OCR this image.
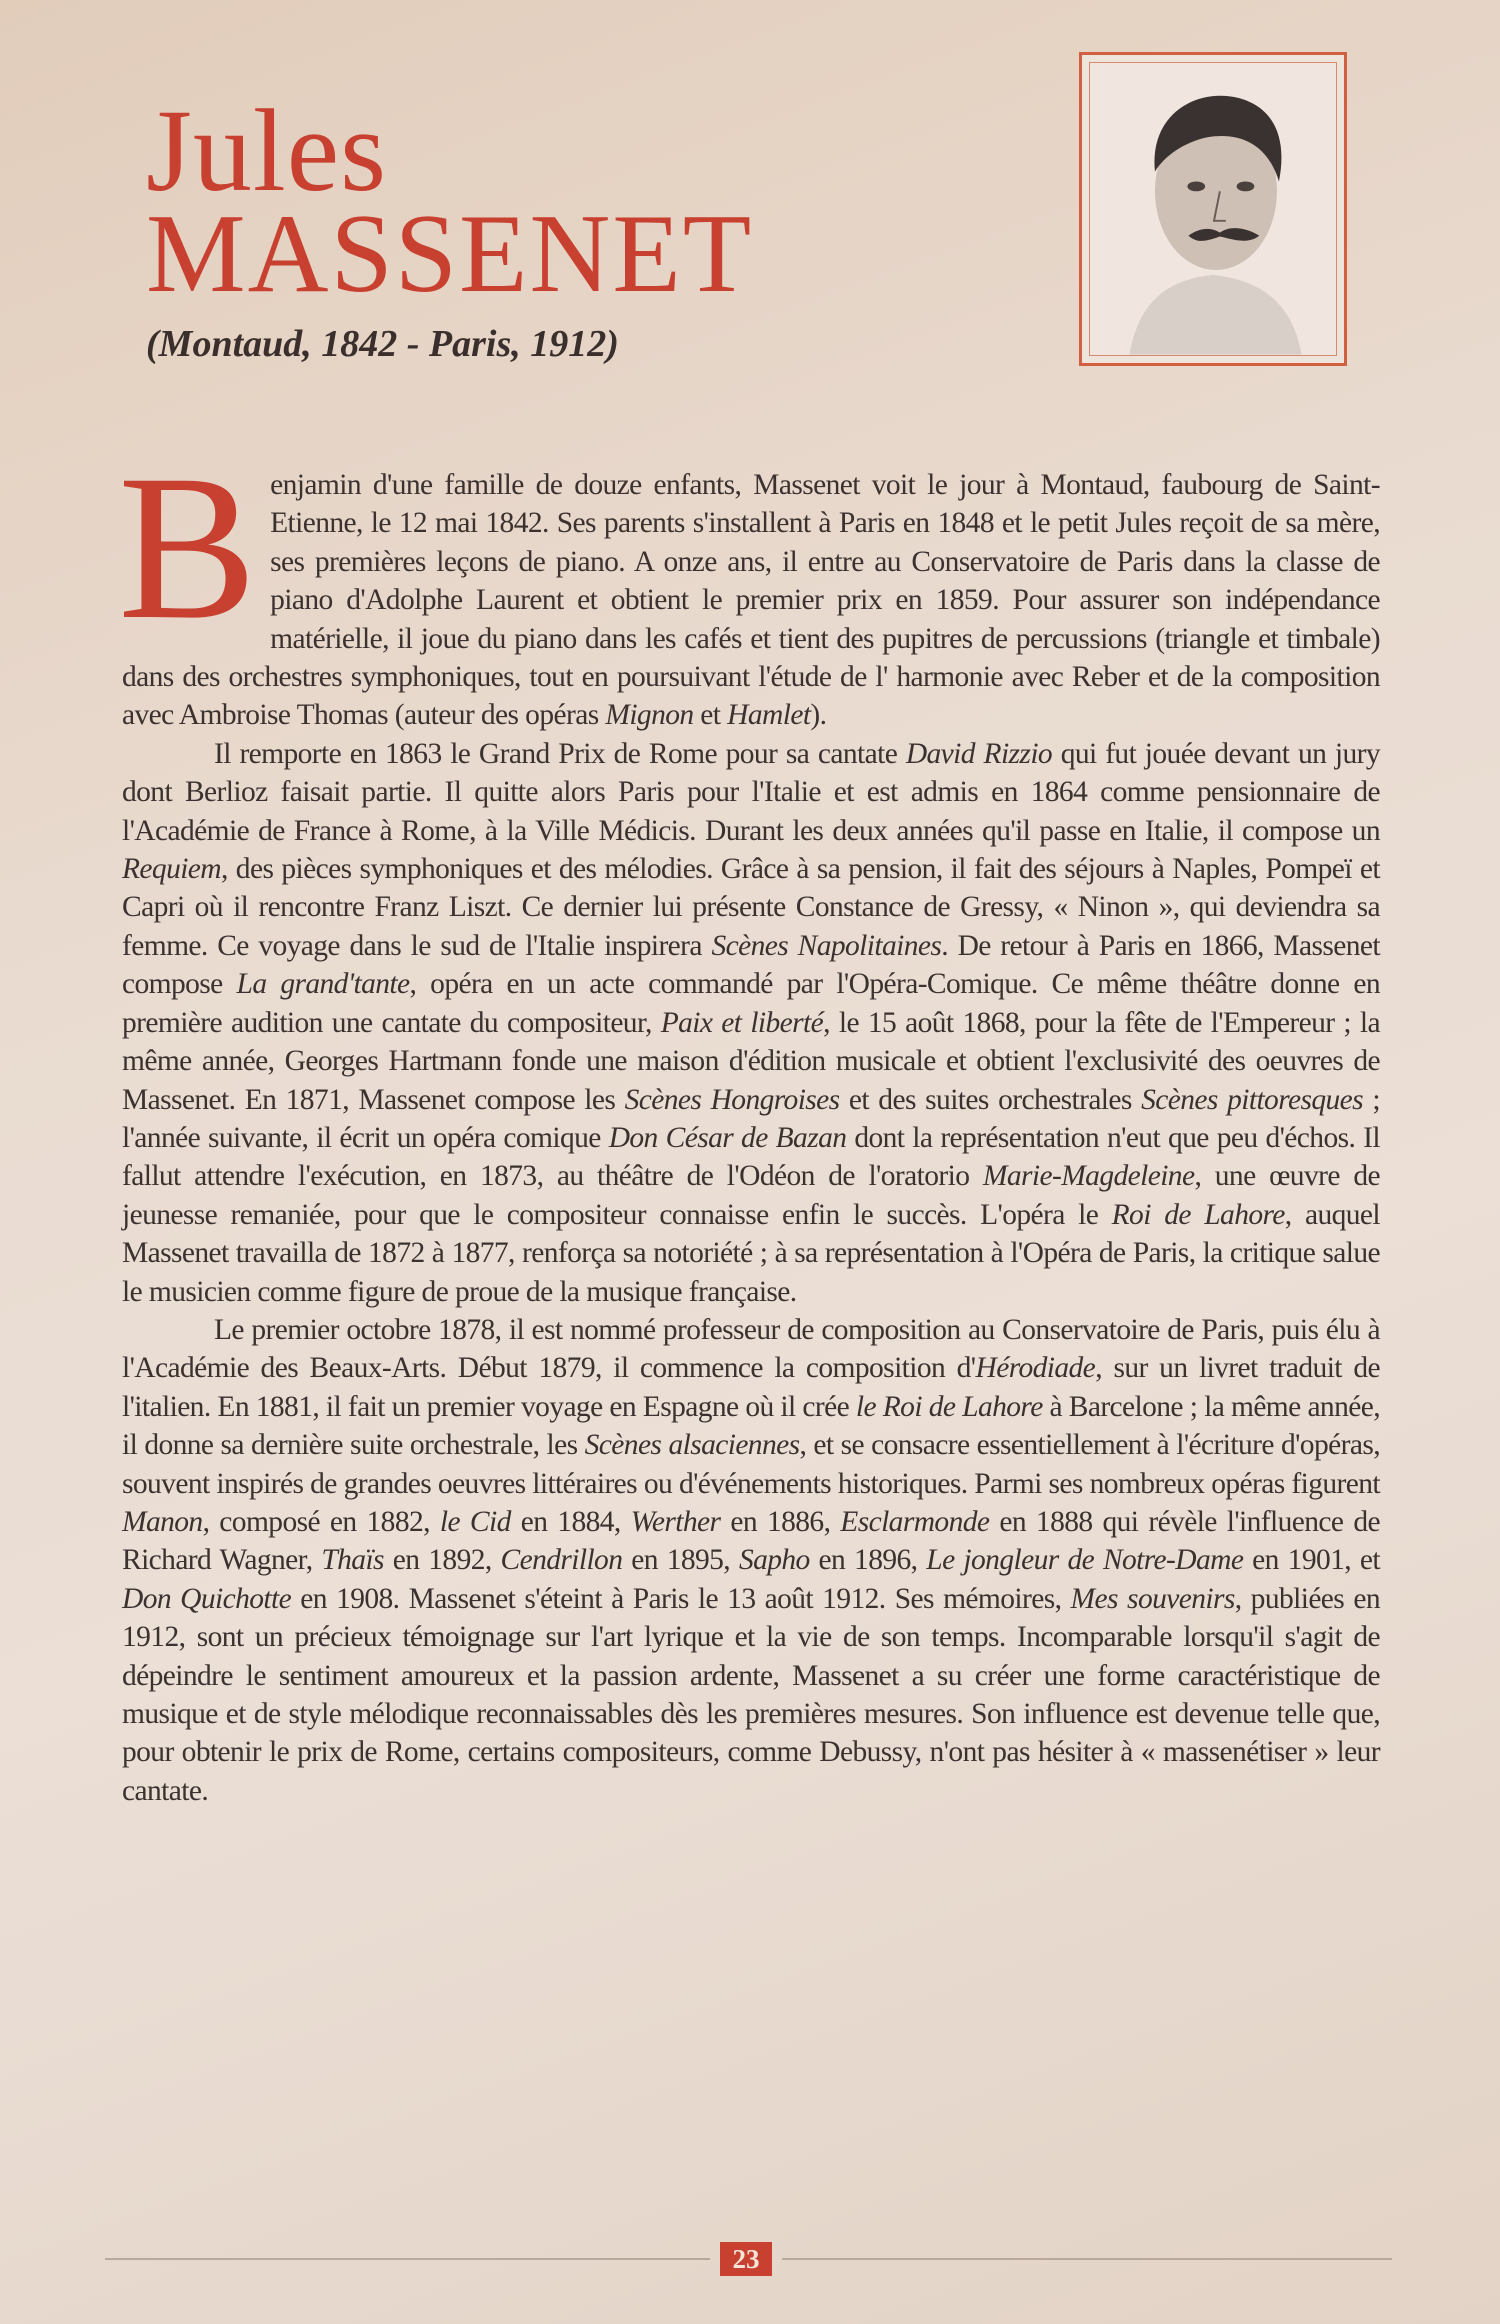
Jules
MASSENET
(Montaud, 1842 - Paris, 1912)

Benjamin d'une famille de douze enfants, Massenet voit le jour à Montaud, faubourg de Saint-Etienne, le 12 mai 1842. Ses parents s'installent à Paris en 1848 et le petit Jules reçoit de sa mère, ses premières leçons de piano. A onze ans, il entre au Conservatoire de Paris dans la classe de piano d'Adolphe Laurent et obtient le premier prix en 1859. Pour assurer son indépendance matérielle, il joue du piano dans les cafés et tient des pupitres de percussions (triangle et timbale) dans des orchestres symphoniques, tout en poursuivant l'étude de l' harmonie avec Reber et de la composition avec Ambroise Thomas (auteur des opéras Mignon et Hamlet).

Il remporte en 1863 le Grand Prix de Rome pour sa cantate David Rizzio qui fut jouée devant un jury dont Berlioz faisait partie. Il quitte alors Paris pour l'Italie et est admis en 1864 comme pensionnaire de l'Académie de France à Rome, à la Ville Médicis. Durant les deux années qu'il passe en Italie, il compose un Requiem, des pièces symphoniques et des mélodies. Grâce à sa pension, il fait des séjours à Naples, Pompeï et Capri où il rencontre Franz Liszt. Ce dernier lui présente Constance de Gressy, « Ninon », qui deviendra sa femme. Ce voyage dans le sud de l'Italie inspirera Scènes Napolitaines. De retour à Paris en 1866, Massenet compose La grand'tante, opéra en un acte commandé par l'Opéra-Comique. Ce même théâtre donne en première audition une cantate du compositeur, Paix et liberté, le 15 août 1868, pour la fête de l'Empereur ; la même année, Georges Hartmann fonde une maison d'édition musicale et obtient l'exclusivité des oeuvres de Massenet. En 1871, Massenet compose les Scènes Hongroises et des suites orchestrales Scènes pittoresques ; l'année suivante, il écrit un opéra comique Don César de Bazan dont la représentation n'eut que peu d'échos. Il fallut attendre l'exécution, en 1873, au théâtre de l'Odéon de l'oratorio Marie-Magdeleine, une œuvre de jeunesse remaniée, pour que le compositeur connaisse enfin le succès. L'opéra le Roi de Lahore, auquel Massenet travailla de 1872 à 1877, renforça sa notoriété ; à sa représentation à l'Opéra de Paris, la critique salue le musicien comme figure de proue de la musique française.

Le premier octobre 1878, il est nommé professeur de composition au Conservatoire de Paris, puis élu à l'Académie des Beaux-Arts. Début 1879, il commence la composition d'Hérodiade, sur un livret traduit de l'italien. En 1881, il fait un premier voyage en Espagne où il crée le Roi de Lahore à Barcelone ; la même année, il donne sa dernière suite orchestrale, les Scènes alsaciennes, et se consacre essentiellement à l'écriture d'opéras, souvent inspirés de grandes oeuvres littéraires ou d'événements historiques. Parmi ses nombreux opéras figurent Manon, composé en 1882, le Cid en 1884, Werther en 1886, Esclarmonde en 1888 qui révèle l'influence de Richard Wagner, Thaïs en 1892, Cendrillon en 1895, Sapho en 1896, Le jongleur de Notre-Dame en 1901, et Don Quichotte en 1908. Massenet s'éteint à Paris le 13 août 1912. Ses mémoires, Mes souvenirs, publiées en 1912, sont un précieux témoignage sur l'art lyrique et la vie de son temps. Incomparable lorsqu'il s'agit de dépeindre le sentiment amoureux et la passion ardente, Massenet a su créer une forme caractéristique de musique et de style mélodique reconnaissables dès les premières mesures. Son influence est devenue telle que, pour obtenir le prix de Rome, certains compositeurs, comme Debussy, n'ont pas hésiter à « massenétiser » leur cantate.

23
